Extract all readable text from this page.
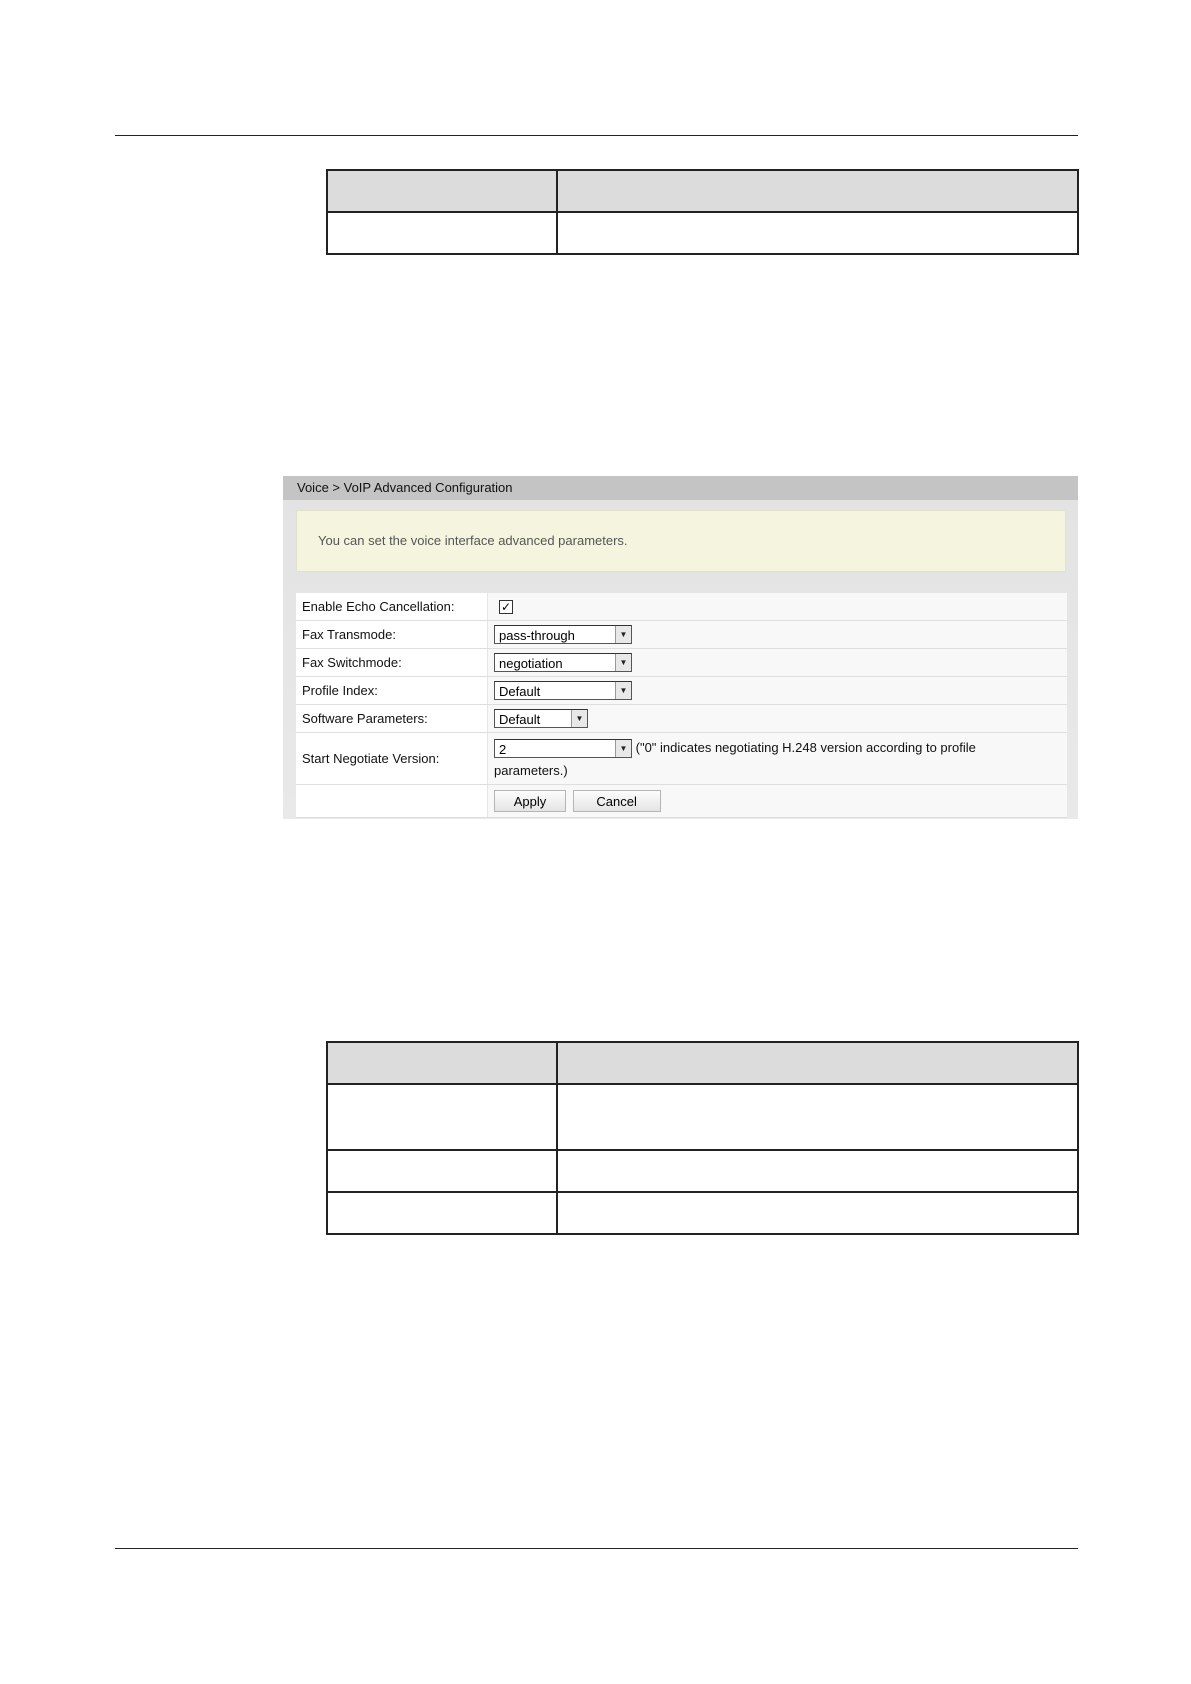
Voice > VoIP Advanced Configuration
You can set the voice interface advanced parameters.
Enable Echo Cancellation:	✓
Fax Transmode:	pass-through ▼

Fax Switchmode:	negotiation ▼

Profile Index:	Default ▼

Software Parameters:	Default ▼

Start Negotiate Version:	2 ▼ ("0" indicates negotiating H.248 version according to profile
parameters.)

	Apply Cancel
